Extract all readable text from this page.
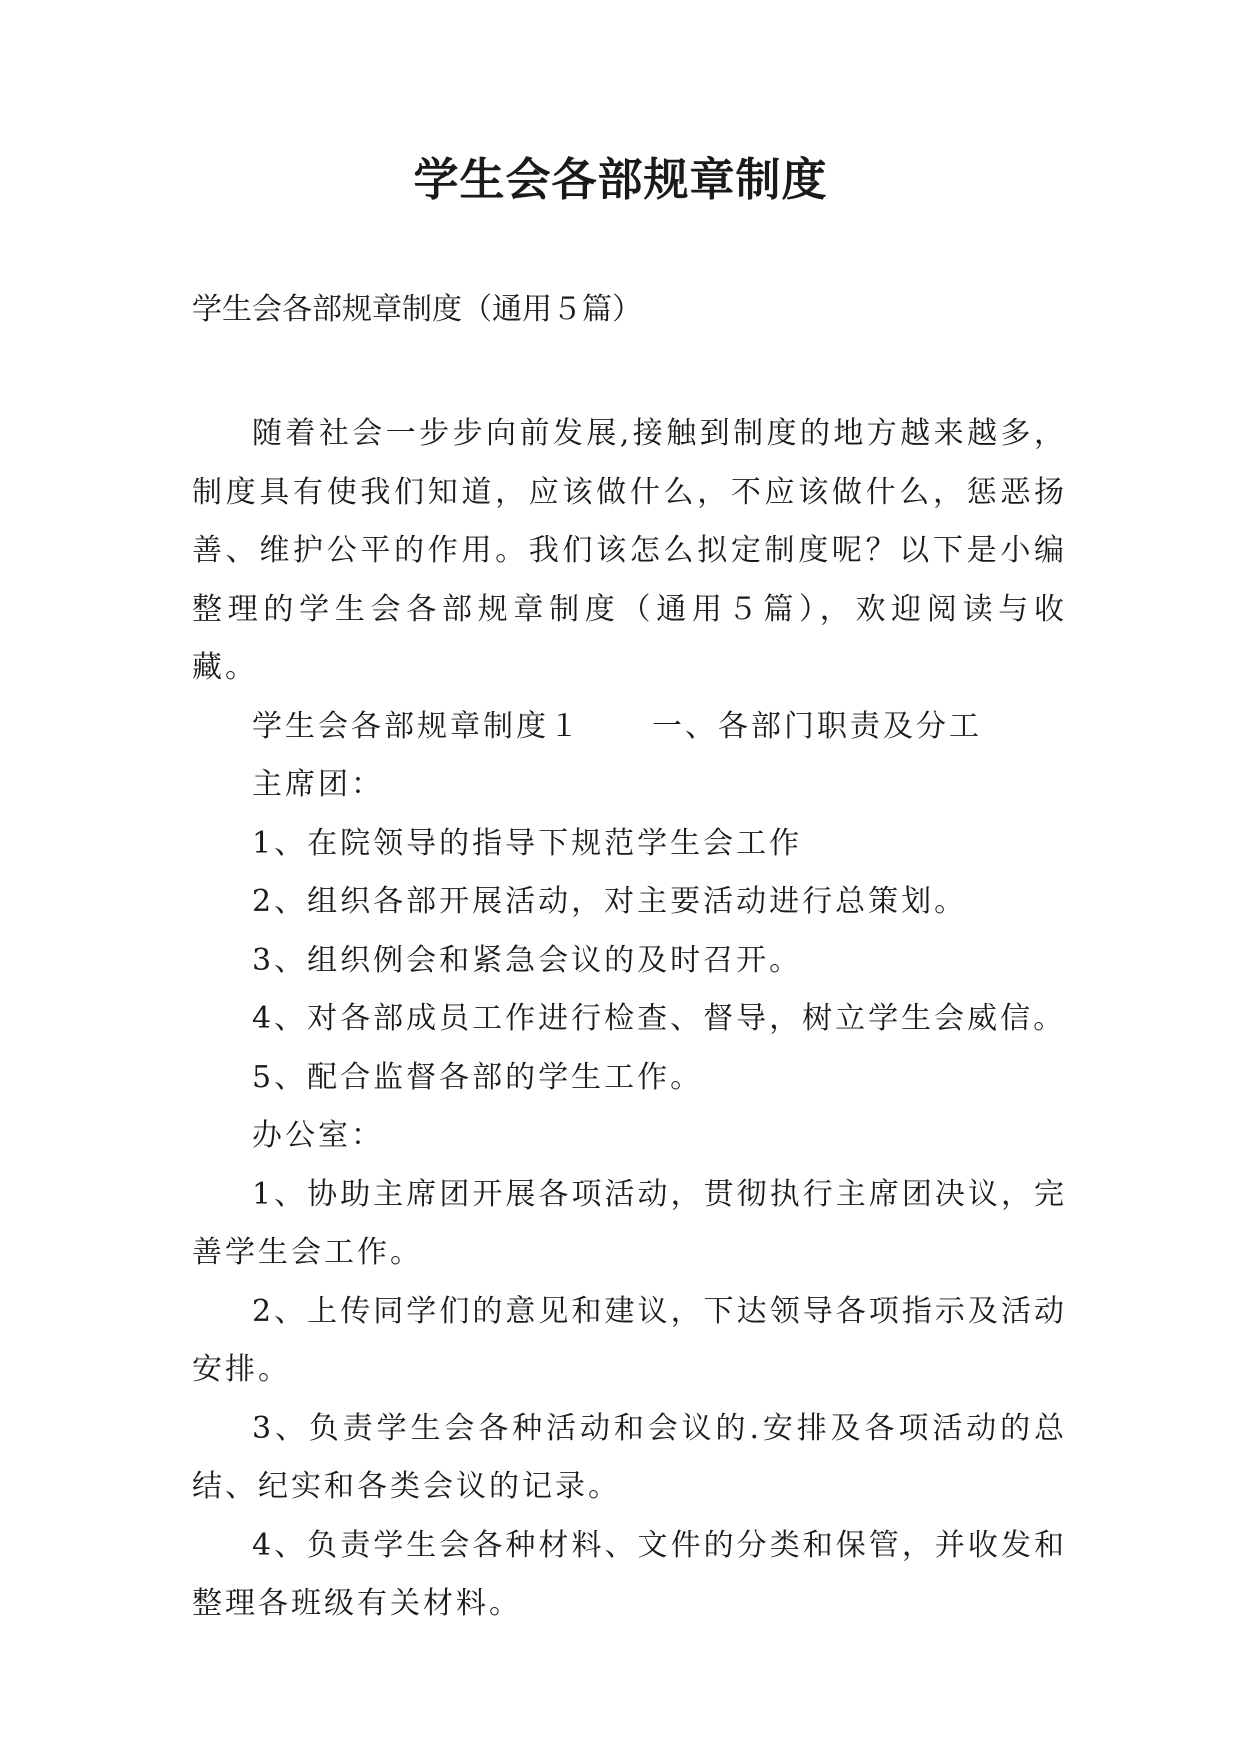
学生会各部规章制度

学生会各部规章制度（通用５篇）

随着社会一步步向前发展,接触到制度的地方越来越多，制度具有使我们知道，应该做什么，不应该做什么，惩恶扬善、维护公平的作用。我们该怎么拟定制度呢？以下是小编整理的学生会各部规章制度（通用５篇），欢迎阅读与收藏。

学生会各部规章制度１ 一、各部门职责及分工

主席团：

1、在院领导的指导下规范学生会工作

2、组织各部开展活动，对主要活动进行总策划。

3、组织例会和紧急会议的及时召开。

4、对各部成员工作进行检查、督导，树立学生会威信。

5、配合监督各部的学生工作。

办公室：

1、协助主席团开展各项活动，贯彻执行主席团决议，完善学生会工作。

2、上传同学们的意见和建议，下达领导各项指示及活动安排。

3、负责学生会各种活动和会议的.安排及各项活动的总结、纪实和各类会议的记录。

4、负责学生会各种材料、文件的分类和保管，并收发和整理各班级有关材料。
